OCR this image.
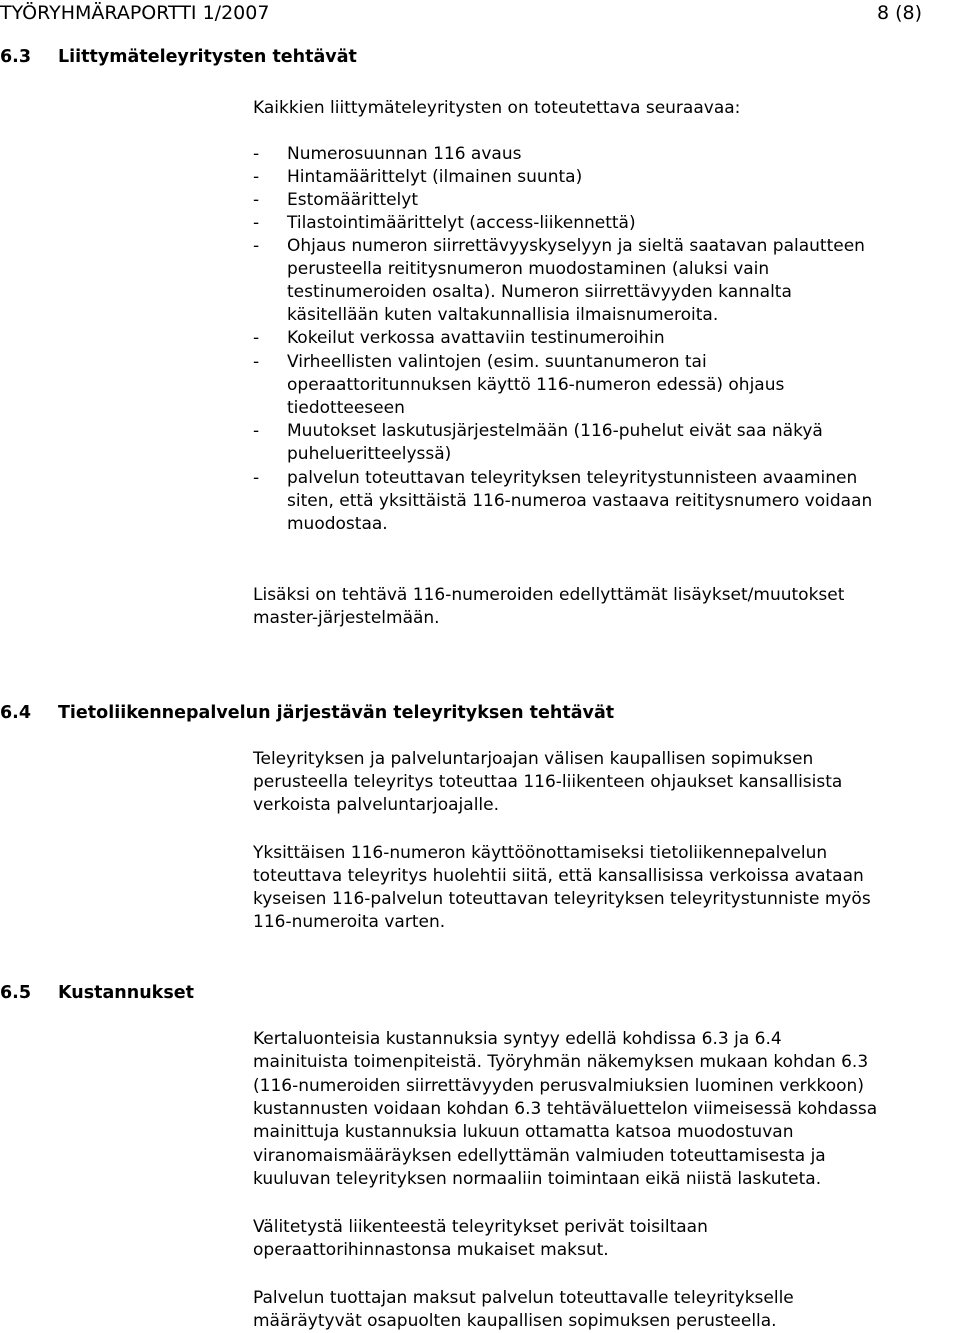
TYÖRYHMÄRAPORTTI 1/2007	8 (8)
6.3 Liittymäteleyritysten tehtävät
Kaikkien liittymäteleyritysten on toteutettava seuraavaa:
- Numerosuunnan 116 avaus
- Hintamäärittelyt (ilmainen suunta)
- Estomäärittelyt
- Tilastointimäärittelyt (access-liikennettä)
- Ohjaus numeron siirrettävyyskyselyyn ja sieltä saatavan palautteen
perusteella reititysnumeron muodostaminen (aluksi vain
testinumeroiden osalta). Numeron siirrettävyyden kannalta
käsitellään kuten valtakunnallisia ilmaisnumeroita.
- Kokeilut verkossa avattaviin testinumeroihin
- Virheellisten valintojen (esim. suuntanumeron tai
operaattoritunnuksen käyttö 116-numeron edessä) ohjaus
tiedotteeseen
- Muutokset laskutusjärjestelmään (116-puhelut eivät saa näkyä
puhelueritteelyssä)
- palvelun toteuttavan teleyrityksen teleyritystunnisteen avaaminen
siten, että yksittäistä 116-numeroa vastaava reititysnumero voidaan
muodostaa.
Lisäksi on tehtävä 116-numeroiden edellyttämät lisäykset/muutokset
master-järjestelmään.
6.4 Tietoliikennepalvelun järjestävän teleyrityksen tehtävät
Teleyrityksen ja palveluntarjoajan välisen kaupallisen sopimuksen
perusteella teleyritys toteuttaa 116-liikenteen ohjaukset kansallisista
verkoista palveluntarjoajalle.
Yksittäisen 116-numeron käyttöönottamiseksi tietoliikennepalvelun
toteuttava teleyritys huolehtii siitä, että kansallisissa verkoissa avataan
kyseisen 116-palvelun toteuttavan teleyrityksen teleyritystunniste myös
116-numeroita varten.
6.5 Kustannukset
Kertaluonteisia kustannuksia syntyy edellä kohdissa 6.3 ja 6.4
mainituista toimenpiteistä. Työryhmän näkemyksen mukaan kohdan 6.3
(116-numeroiden siirrettävyyden perusvalmiuksien luominen verkkoon)
kustannusten voidaan kohdan 6.3 tehtäväluettelon viimeisessä kohdassa
mainittuja kustannuksia lukuun ottamatta katsoa muodostuvan
viranomaismääräyksen edellyttämän valmiuden toteuttamisesta ja
kuuluvan teleyrityksen normaaliin toimintaan eikä niistä laskuteta.
Välitetystä liikenteestä teleyritykset perivät toisiltaan
operaattorihinnastonsa mukaiset maksut.
Palvelun tuottajan maksut palvelun toteuttavalle teleyritykselle
määräytyvät osapuolten kaupallisen sopimuksen perusteella.
